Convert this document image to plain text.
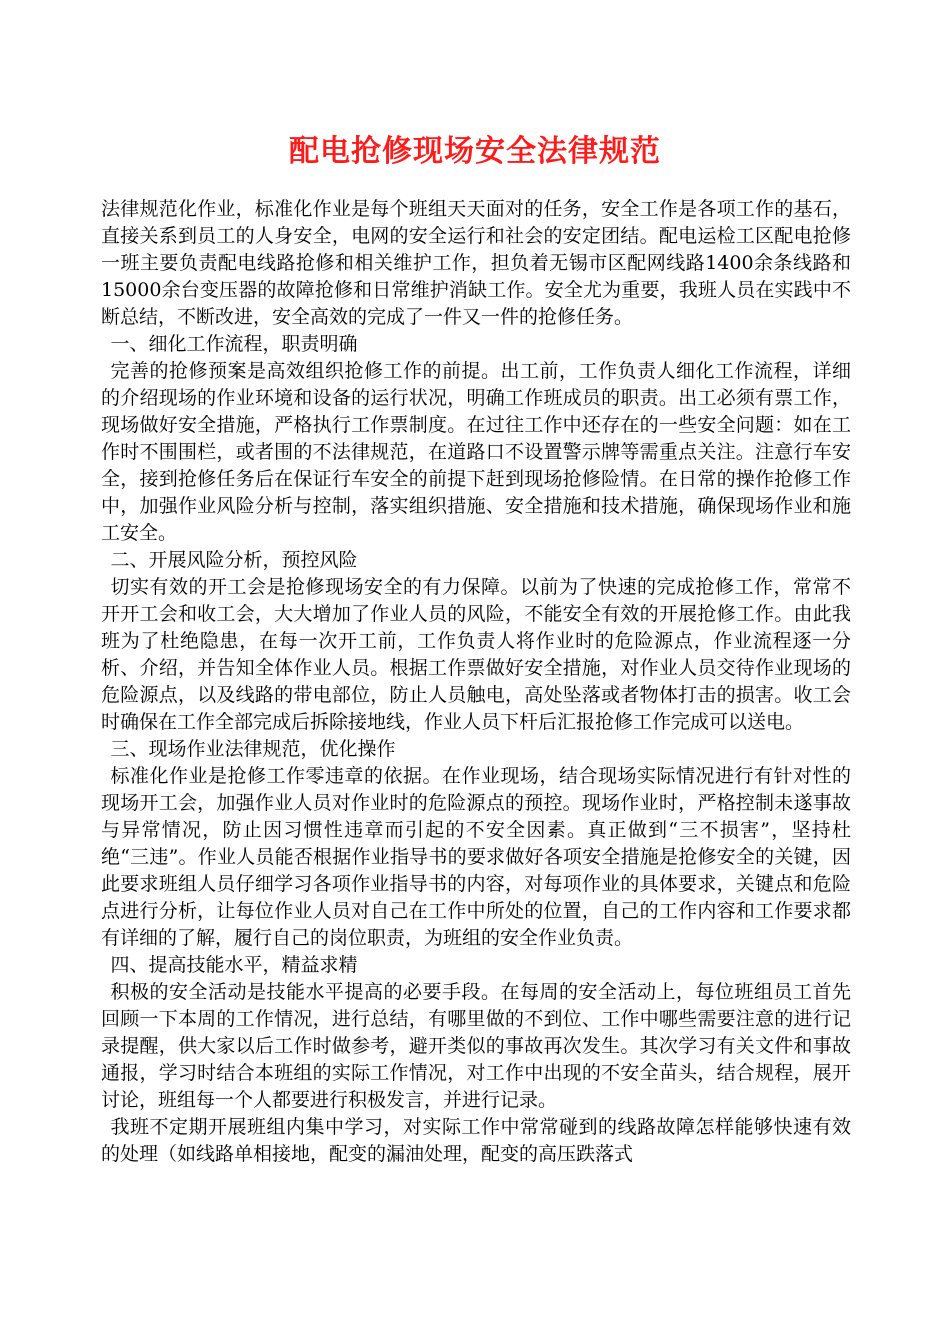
配电抢修现场安全法律规范

法律规范化作业，标准化作业是每个班组天天面对的任务，安全工作是各项工作的基石，直接关系到员工的人身安全，电网的安全运行和社会的安定团结。配电运检工区配电抢修一班主要负责配电线路抢修和相关维护工作，担负着无锡市区配网线路1400余条线路和15000余台变压器的故障抢修和日常维护消缺工作。安全尤为重要，我班人员在实践中不断总结，不断改进，安全高效的完成了一件又一件的抢修任务。

一、细化工作流程，职责明确

完善的抢修预案是高效组织抢修工作的前提。出工前，工作负责人细化工作流程，详细的介绍现场的作业环境和设备的运行状况，明确工作班成员的职责。出工必须有票工作，现场做好安全措施，严格执行工作票制度。在过往工作中还存在的一些安全问题：如在工作时不围围栏，或者围的不法律规范，在道路口不设置警示牌等需重点关注。注意行车安全，接到抢修任务后在保证行车安全的前提下赶到现场抢修险情。在日常的操作抢修工作中，加强作业风险分析与控制，落实组织措施、安全措施和技术措施，确保现场作业和施工安全。

二、开展风险分析，预控风险

切实有效的开工会是抢修现场安全的有力保障。以前为了快速的完成抢修工作，常常不开开工会和收工会，大大增加了作业人员的风险，不能安全有效的开展抢修工作。由此我班为了杜绝隐患，在每一次开工前，工作负责人将作业时的危险源点，作业流程逐一分析、介绍，并告知全体作业人员。根据工作票做好安全措施，对作业人员交待作业现场的危险源点，以及线路的带电部位，防止人员触电，高处坠落或者物体打击的损害。收工会时确保在工作全部完成后拆除接地线，作业人员下杆后汇报抢修工作完成可以送电。

三、现场作业法律规范，优化操作

标准化作业是抢修工作零违章的依据。在作业现场，结合现场实际情况进行有针对性的现场开工会，加强作业人员对作业时的危险源点的预控。现场作业时，严格控制未遂事故与异常情况，防止因习惯性违章而引起的不安全因素。真正做到“三不损害”，坚持杜绝“三违”。作业人员能否根据作业指导书的要求做好各项安全措施是抢修安全的关键，因此要求班组人员仔细学习各项作业指导书的内容，对每项作业的具体要求，关键点和危险点进行分析，让每位作业人员对自己在工作中所处的位置，自己的工作内容和工作要求都有详细的了解，履行自己的岗位职责，为班组的安全作业负责。

四、提高技能水平，精益求精

积极的安全活动是技能水平提高的必要手段。在每周的安全活动上，每位班组员工首先回顾一下本周的工作情况，进行总结，有哪里做的不到位、工作中哪些需要注意的进行记录提醒，供大家以后工作时做参考，避开类似的事故再次发生。其次学习有关文件和事故通报，学习时结合本班组的实际工作情况，对工作中出现的不安全苗头，结合规程，展开讨论，班组每一个人都要进行积极发言，并进行记录。

我班不定期开展班组内集中学习，对实际工作中常常碰到的线路故障怎样能够快速有效的处理（如线路单相接地，配变的漏油处理，配变的高压跌落式
